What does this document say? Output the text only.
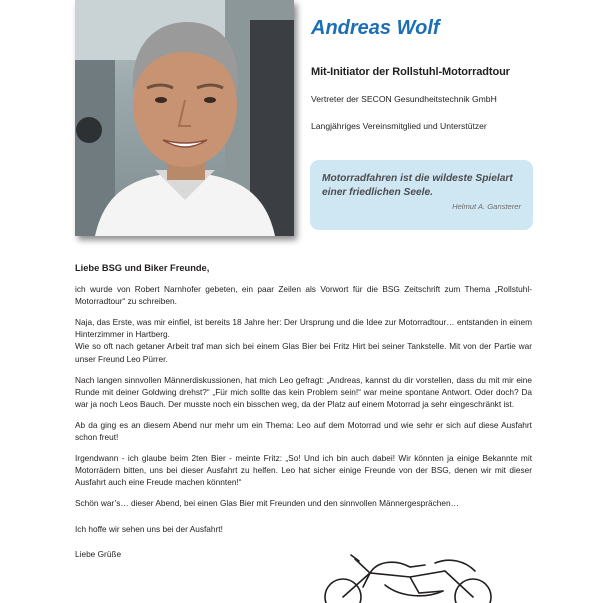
Andreas Wolf

Mit-Initiator der Rollstuhl-Motorradtour

Vertreter der SECON Gesundheitstechnik GmbH

Langjähriges Vereinsmitglied und Unterstützer

Motorradfahren ist die wildeste Spielart einer friedlichen Seele.

Helmut A. Gansterer

Liebe BSG und Biker Freunde,

ich wurde von Robert Narnhofer gebeten, ein paar Zeilen als Vorwort für die BSG Zeitschrift zum Thema „Rollstuhl-Motorradtour“ zu schreiben.

Naja, das Erste, was mir einfiel, ist bereits 18 Jahre her: Der Ursprung und die Idee zur Motorradtour… entstanden in einem Hinterzimmer in Hartberg.

Wie so oft nach getaner Arbeit traf man sich bei einem Glas Bier bei Fritz Hirt bei seiner Tankstelle. Mit von der Partie war unser Freund Leo Pürrer.

Nach langen sinnvollen Männerdiskussionen, hat mich Leo gefragt: „Andreas, kannst du dir vorstellen, dass du mit mir eine Runde mit deiner Goldwing drehst?“ „Für mich sollte das kein Problem sein!“ war meine spontane Antwort. Oder doch? Da war ja noch Leos Bauch. Der musste noch ein bisschen weg, da der Platz auf einem Motorrad ja sehr eingeschränkt ist.

Ab da ging es an diesem Abend nur mehr um ein Thema: Leo auf dem Motorrad und wie sehr er sich auf diese Ausfahrt schon freut!

Irgendwann - ich glaube beim 2ten Bier - meinte Fritz: „So! Und ich bin auch dabei! Wir könnten ja einige Bekannte mit Motorrädern bitten, uns bei dieser Ausfahrt zu helfen. Leo hat sicher einige Freunde von der BSG, denen wir mit dieser Ausfahrt auch eine Freude machen könnten!“

Schön war’s… dieser Abend, bei einen Glas Bier mit Freunden und den sinnvollen Männergesprächen…

Ich hoffe wir sehen uns bei der Ausfahrt!

Liebe Grüße
